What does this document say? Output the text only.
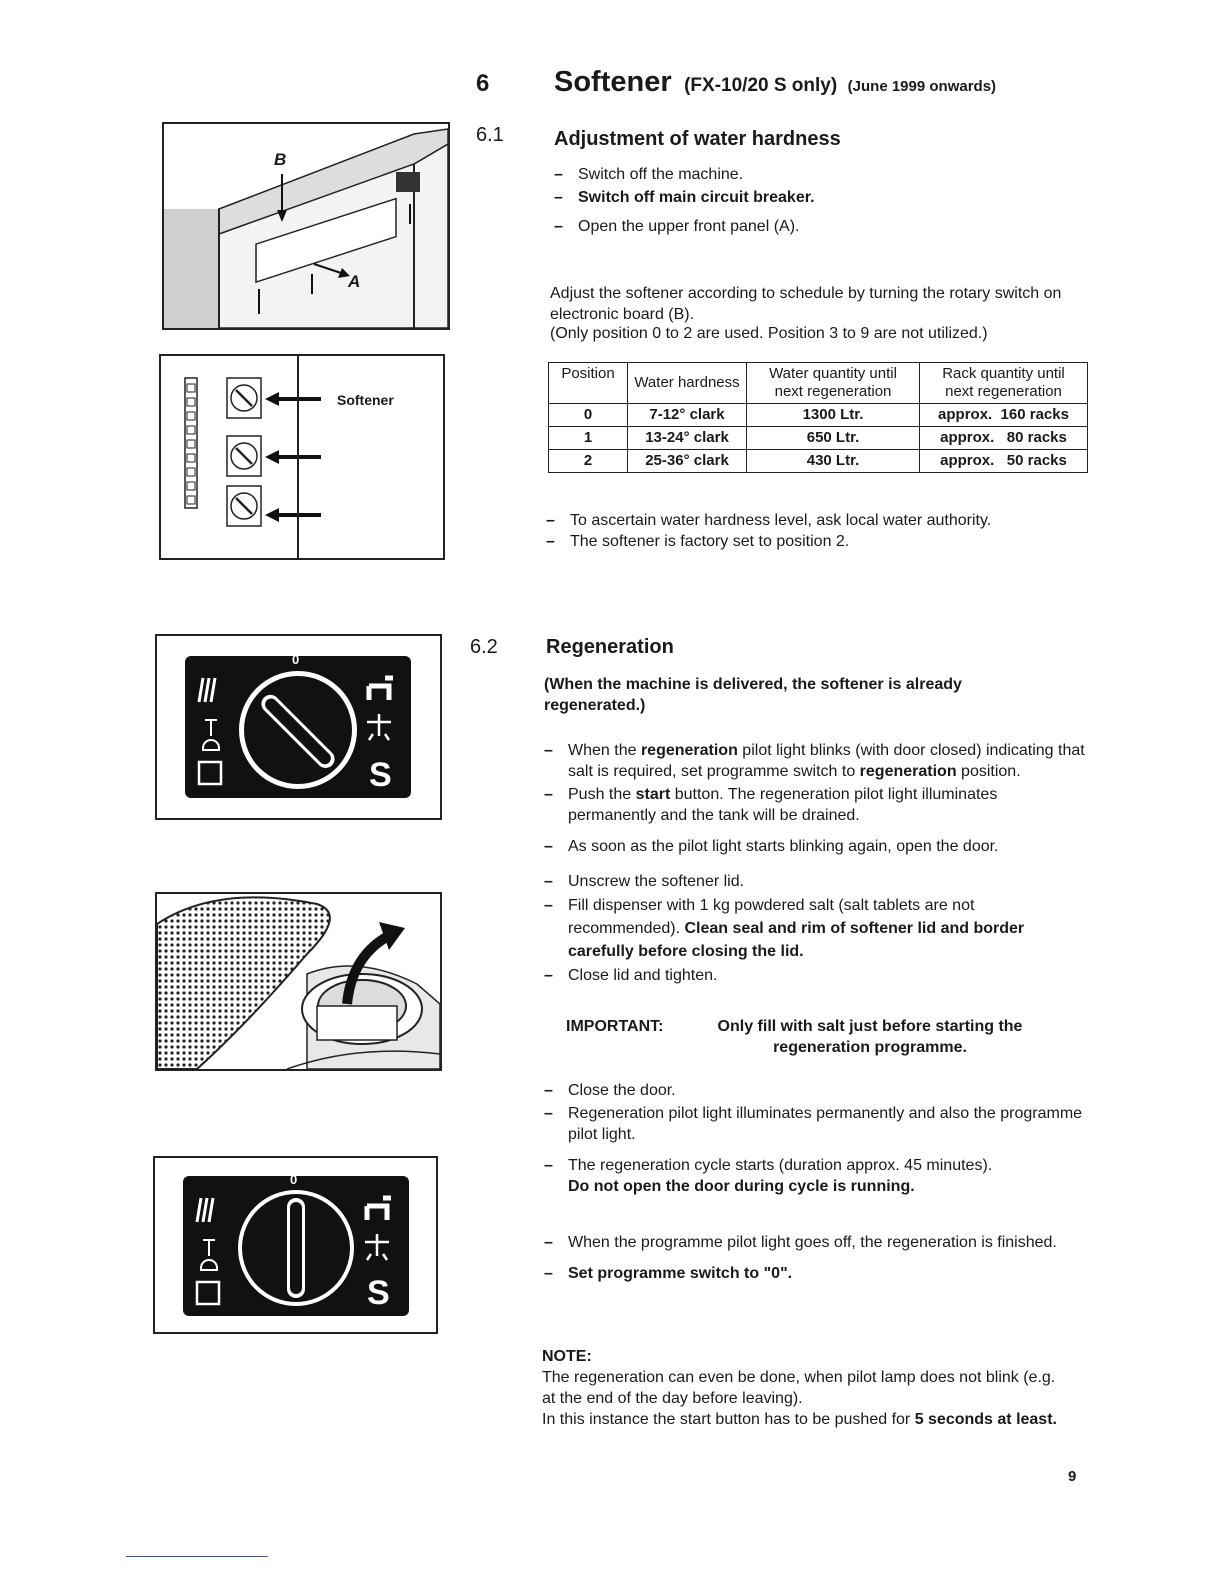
6 Softener (FX-10/20 S only) (June 1999 onwards)
6.1	Adjustment of water hardness
– Switch off the machine.
– Switch off main circuit breaker.
– Open the upper front panel (A).
Adjust the softener according to schedule by turning the rotary switch on electronic board (B).
(Only position 0 to 2 are used. Position 3 to 9 are not utilized.)
Position	Water hardness	Water quantity until next regeneration	Rack quantity until next regeneration
0	7-12° clark	1300 Ltr.	approx.  160 racks
1	13-24° clark	650 Ltr.	approx.   80 racks
2	25-36° clark	430 Ltr.	approx.   50 racks
– To ascertain water hardness level, ask local water authority.
– The softener is factory set to position 2.
B
A
Softener
S
0
S
0
6.2 Regeneration
(When the machine is delivered, the softener is already regenerated.)
– When the regeneration pilot light blinks (with door closed) indicating that salt is required, set programme switch to regeneration position.
– Push the start button. The regeneration pilot light illuminates permanently and the tank will be drained.
– As soon as the pilot light starts blinking again, open the door.
– Unscrew the softener lid.
– Fill dispenser with 1 kg powdered salt (salt tablets are not recommended). Clean seal and rim of softener lid and border carefully before closing the lid.
– Close lid and tighten.
IMPORTANT:	Only fill with salt just before starting the regeneration programme.
– Close the door.
– Regeneration pilot light illuminates permanently and also the programme pilot light.
– The regeneration cycle starts (duration approx. 45 minutes).
Do not open the door during cycle is running.
– When the programme pilot light goes off, the regeneration is finished.
– Set programme switch to "0".
NOTE:
The regeneration can even be done, when pilot lamp does not blink (e.g. at the end of the day before leaving).
In this instance the start button has to be pushed for 5 seconds at least.
9
